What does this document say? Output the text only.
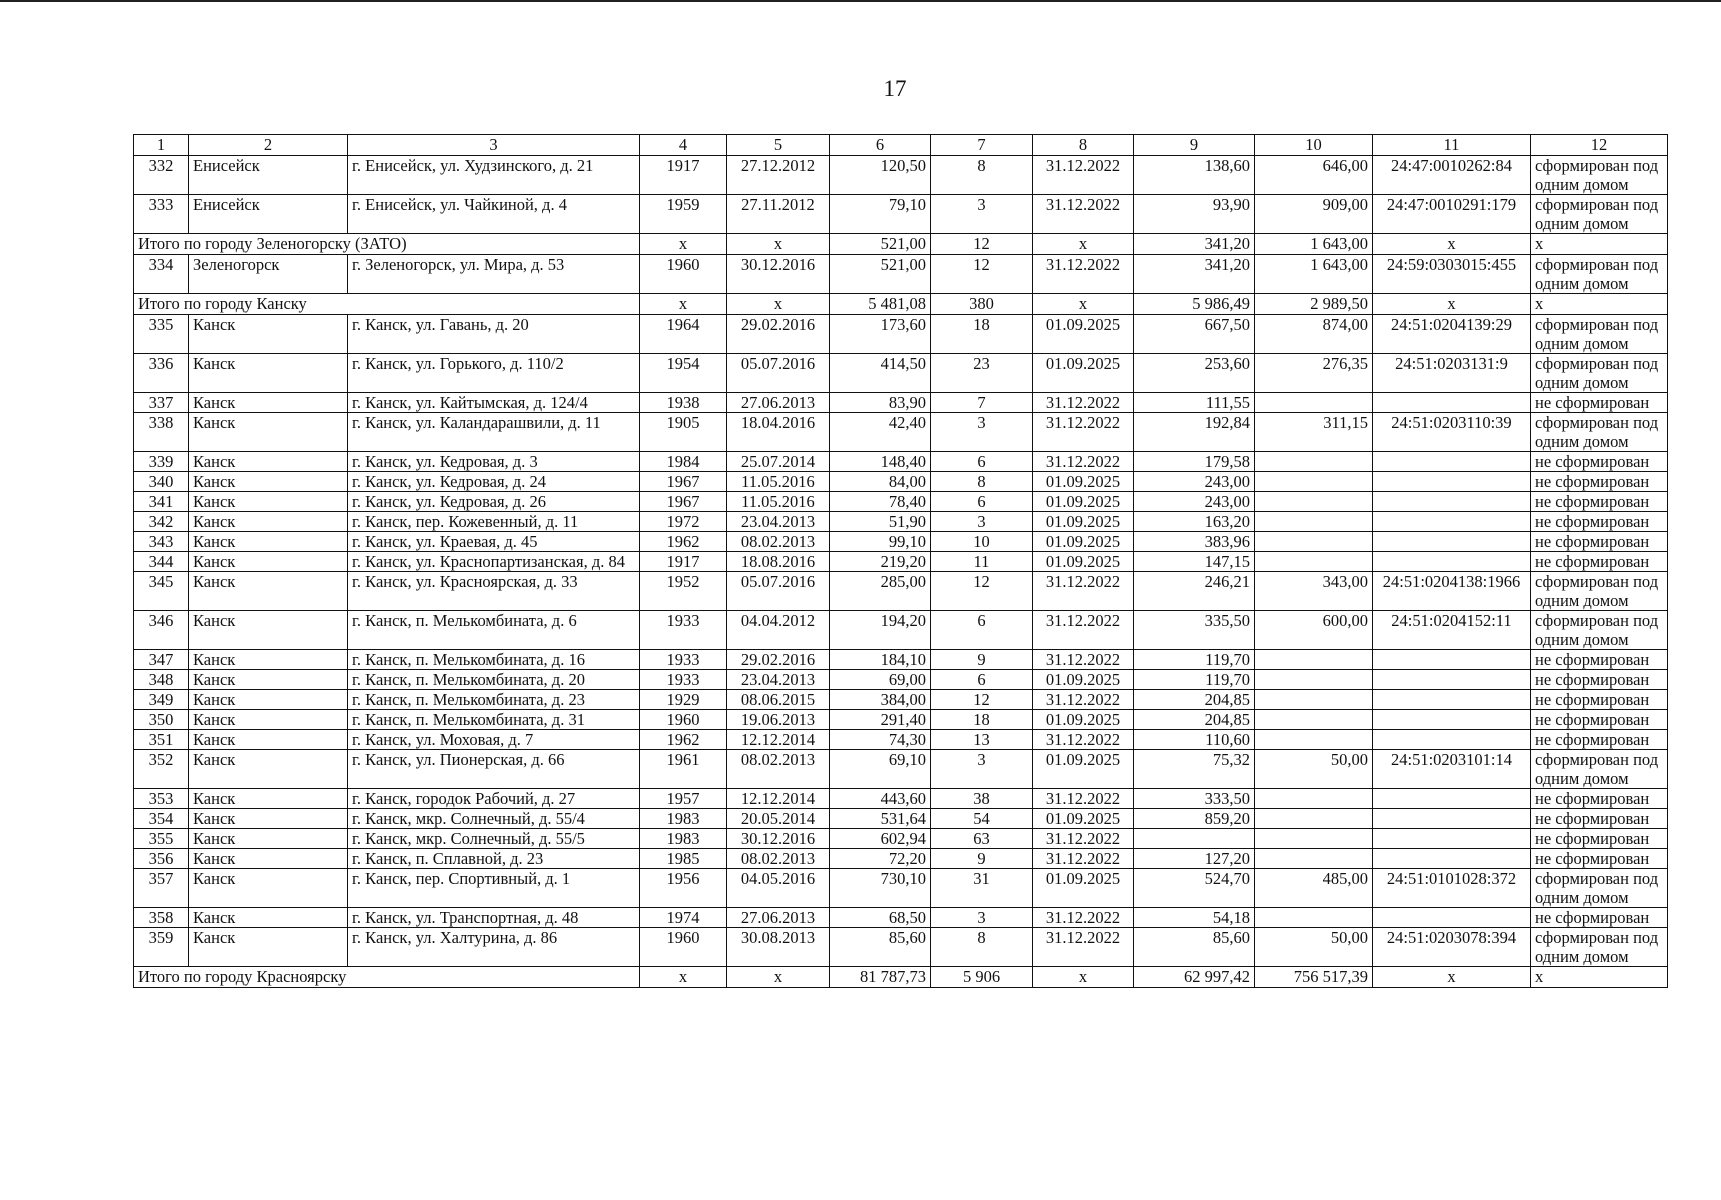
17
1	2	3	4	5	6	7	8	9	10	11	12
332	Енисейск	г. Енисейск, ул. Худзинского, д. 21	1917	27.12.2012	120,50	8	31.12.2022	138,60	646,00	24:47:0010262:84	сформирован под одним домом
333	Енисейск	г. Енисейск, ул. Чайкиной, д. 4	1959	27.11.2012	79,10	3	31.12.2022	93,90	909,00	24:47:0010291:179	сформирован под одним домом
Итого по городу Зеленогорску (ЗАТО)			x	x	521,00	12	x	341,20	1 643,00	x	x
334	Зеленогорск	г. Зеленогорск, ул. Мира, д. 53	1960	30.12.2016	521,00	12	31.12.2022	341,20	1 643,00	24:59:0303015:455	сформирован под одним домом
Итого по городу Канску			x	x	5 481,08	380	x	5 986,49	2 989,50	x	x
335	Канск	г. Канск, ул. Гавань, д. 20	1964	29.02.2016	173,60	18	01.09.2025	667,50	874,00	24:51:0204139:29	сформирован под одним домом
336	Канск	г. Канск, ул. Горького, д. 110/2	1954	05.07.2016	414,50	23	01.09.2025	253,60	276,35	24:51:0203131:9	сформирован под одним домом
337	Канск	г. Канск, ул. Кайтымская, д. 124/4	1938	27.06.2013	83,90	7	31.12.2022	111,55			не сформирован
338	Канск	г. Канск, ул. Каландарашвили, д. 11	1905	18.04.2016	42,40	3	31.12.2022	192,84	311,15	24:51:0203110:39	сформирован под одним домом
339	Канск	г. Канск, ул. Кедровая, д. 3	1984	25.07.2014	148,40	6	31.12.2022	179,58			не сформирован
340	Канск	г. Канск, ул. Кедровая, д. 24	1967	11.05.2016	84,00	8	01.09.2025	243,00			не сформирован
341	Канск	г. Канск, ул. Кедровая, д. 26	1967	11.05.2016	78,40	6	01.09.2025	243,00			не сформирован
342	Канск	г. Канск, пер. Кожевенный, д. 11	1972	23.04.2013	51,90	3	01.09.2025	163,20			не сформирован
343	Канск	г. Канск, ул. Краевая, д. 45	1962	08.02.2013	99,10	10	01.09.2025	383,96			не сформирован
344	Канск	г. Канск, ул. Краснопартизанская, д. 84	1917	18.08.2016	219,20	11	01.09.2025	147,15			не сформирован
345	Канск	г. Канск, ул. Красноярская, д. 33	1952	05.07.2016	285,00	12	31.12.2022	246,21	343,00	24:51:0204138:1966	сформирован под одним домом
346	Канск	г. Канск, п. Мелькомбината, д. 6	1933	04.04.2012	194,20	6	31.12.2022	335,50	600,00	24:51:0204152:11	сформирован под одним домом
347	Канск	г. Канск, п. Мелькомбината, д. 16	1933	29.02.2016	184,10	9	31.12.2022	119,70			не сформирован
348	Канск	г. Канск, п. Мелькомбината, д. 20	1933	23.04.2013	69,00	6	01.09.2025	119,70			не сформирован
349	Канск	г. Канск, п. Мелькомбината, д. 23	1929	08.06.2015	384,00	12	31.12.2022	204,85			не сформирован
350	Канск	г. Канск, п. Мелькомбината, д. 31	1960	19.06.2013	291,40	18	01.09.2025	204,85			не сформирован
351	Канск	г. Канск, ул. Моховая, д. 7	1962	12.12.2014	74,30	13	31.12.2022	110,60			не сформирован
352	Канск	г. Канск, ул. Пионерская, д. 66	1961	08.02.2013	69,10	3	01.09.2025	75,32	50,00	24:51:0203101:14	сформирован под одним домом
353	Канск	г. Канск, городок Рабочий, д. 27	1957	12.12.2014	443,60	38	31.12.2022	333,50			не сформирован
354	Канск	г. Канск, мкр. Солнечный, д. 55/4	1983	20.05.2014	531,64	54	01.09.2025	859,20			не сформирован
355	Канск	г. Канск, мкр. Солнечный, д. 55/5	1983	30.12.2016	602,94	63	31.12.2022				не сформирован
356	Канск	г. Канск, п. Сплавной, д. 23	1985	08.02.2013	72,20	9	31.12.2022	127,20			не сформирован
357	Канск	г. Канск, пер. Спортивный, д. 1	1956	04.05.2016	730,10	31	01.09.2025	524,70	485,00	24:51:0101028:372	сформирован под одним домом
358	Канск	г. Канск, ул. Транспортная, д. 48	1974	27.06.2013	68,50	3	31.12.2022	54,18			не сформирован
359	Канск	г. Канск, ул. Халтурина, д. 86	1960	30.08.2013	85,60	8	31.12.2022	85,60	50,00	24:51:0203078:394	сформирован под одним домом
Итого по городу Красноярску			x	x	81 787,73	5 906	x	62 997,42	756 517,39	x	x
